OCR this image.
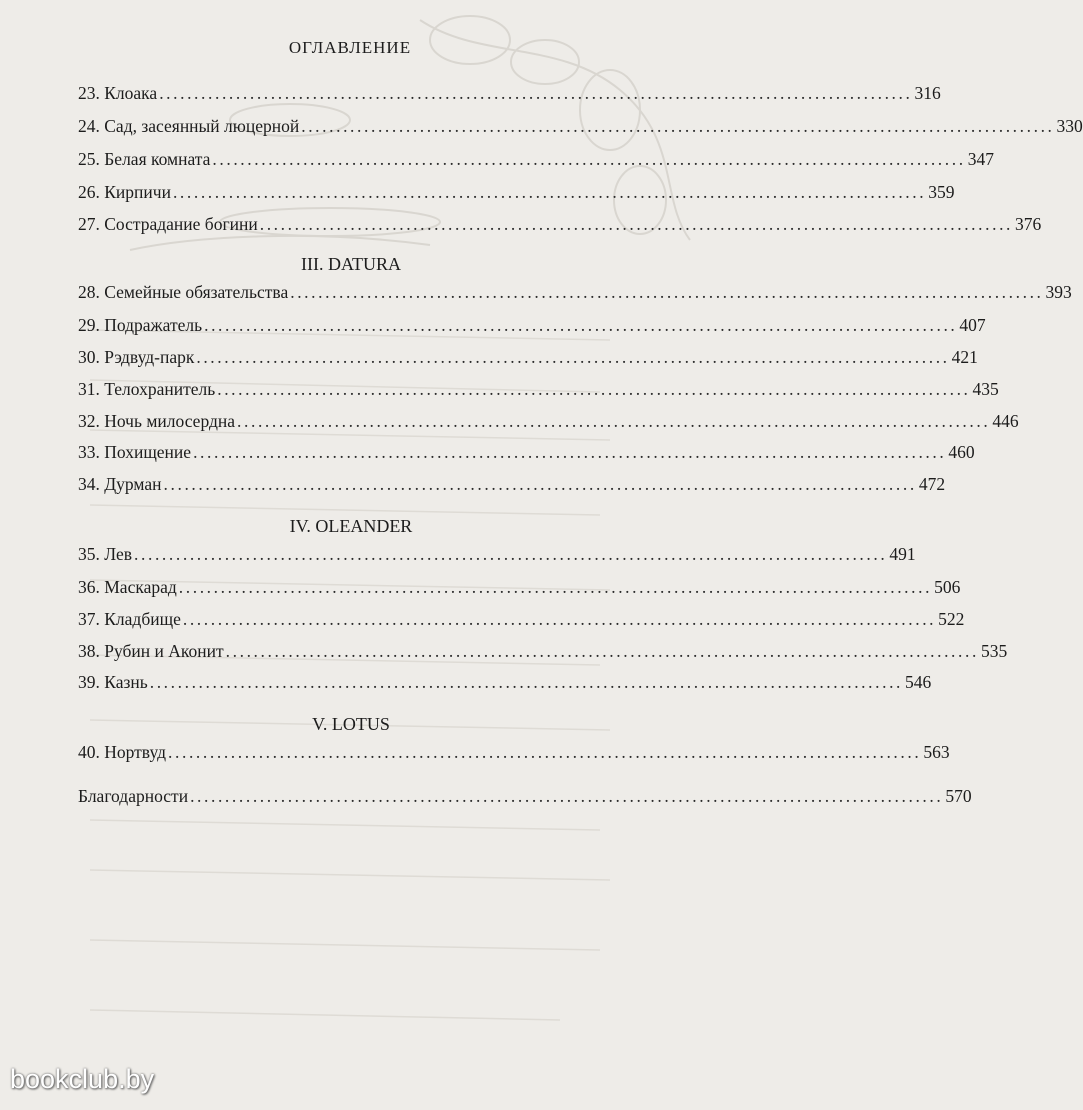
ОГЛАВЛЕНИЕ
23. Клоака ............................................................................................................ 316
24. Сад, засеянный люцерной ............................................................................................................ 330
25. Белая комната ............................................................................................................ 347
26. Кирпичи ............................................................................................................ 359
27. Сострадание богини ............................................................................................................ 376
III. DATURA
28. Семейные обязательства ............................................................................................................ 393
29. Подражатель ............................................................................................................ 407
30. Рэдвуд-парк ............................................................................................................ 421
31. Телохранитель ............................................................................................................ 435
32. Ночь милосердна ............................................................................................................ 446
33. Похищение ............................................................................................................ 460
34. Дурман ............................................................................................................ 472
IV. OLEANDER
35. Лев ............................................................................................................ 491
36. Маскарад ............................................................................................................ 506
37. Кладбище ............................................................................................................ 522
38. Рубин и Аконит ............................................................................................................ 535
39. Казнь ............................................................................................................ 546
V. LOTUS
40. Нортвуд ............................................................................................................ 563
Благодарности ............................................................................................................ 570
bookclub.by
